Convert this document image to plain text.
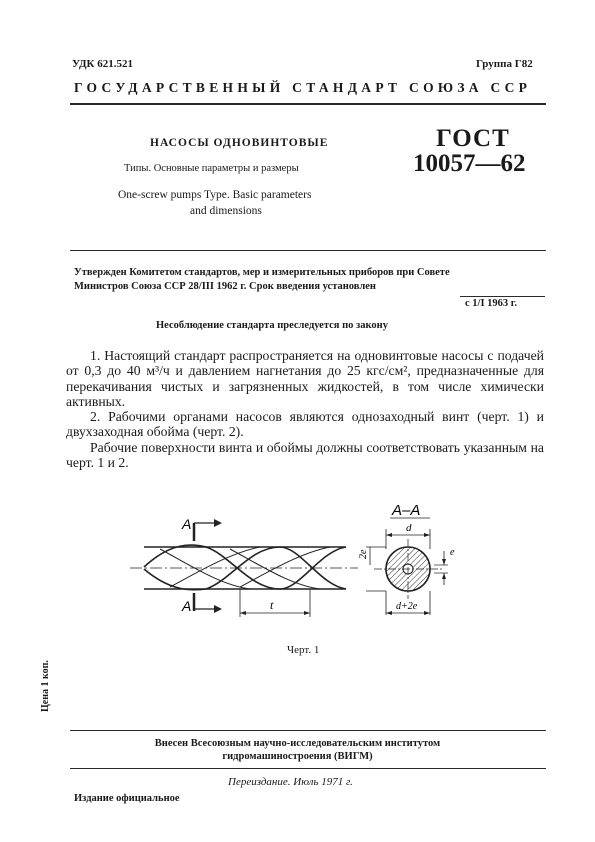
УДК 621.521	Группа Г82
ГОСУДАРСТВЕННЫЙ СТАНДАРТ СОЮЗА ССР
НАСОСЫ ОДНОВИНТОВЫЕ
Типы. Основные параметры и размеры
One-screw pumps Type. Basic parameters
and dimensions
ГОСТ
10057—62
Утвержден Комитетом стандартов, мер и измерительных приборов при Совете
Министров Союза ССР 28/III 1962 г. Срок введения установлен
с 1/I 1963 г.
Несоблюдение стандарта преследуется по закону

1. Настоящий стандарт распространяется на одновинтовые насосы с подачей от 0,3 до 40 м³/ч и давлением нагнетания до 25 кгс/см², предназначенные для перекачивания чистых и загрязненных жидкостей, в том числе химически активных.

2. Рабочими органами насосов являются однозаходный винт (черт. 1) и двухзаходная обойма (черт. 2).

Рабочие поверхности винта и обоймы должны соответствовать указанным на черт. 1 и 2.

А
А	t
А–А
d
2е	е
d+2е
Черт. 1
Цена 1 коп.
Внесен Всесоюзным научно-исследовательским институтом
гидромашиностроения (ВИГМ)
Переиздание. Июль 1971 г.
Издание официальное
